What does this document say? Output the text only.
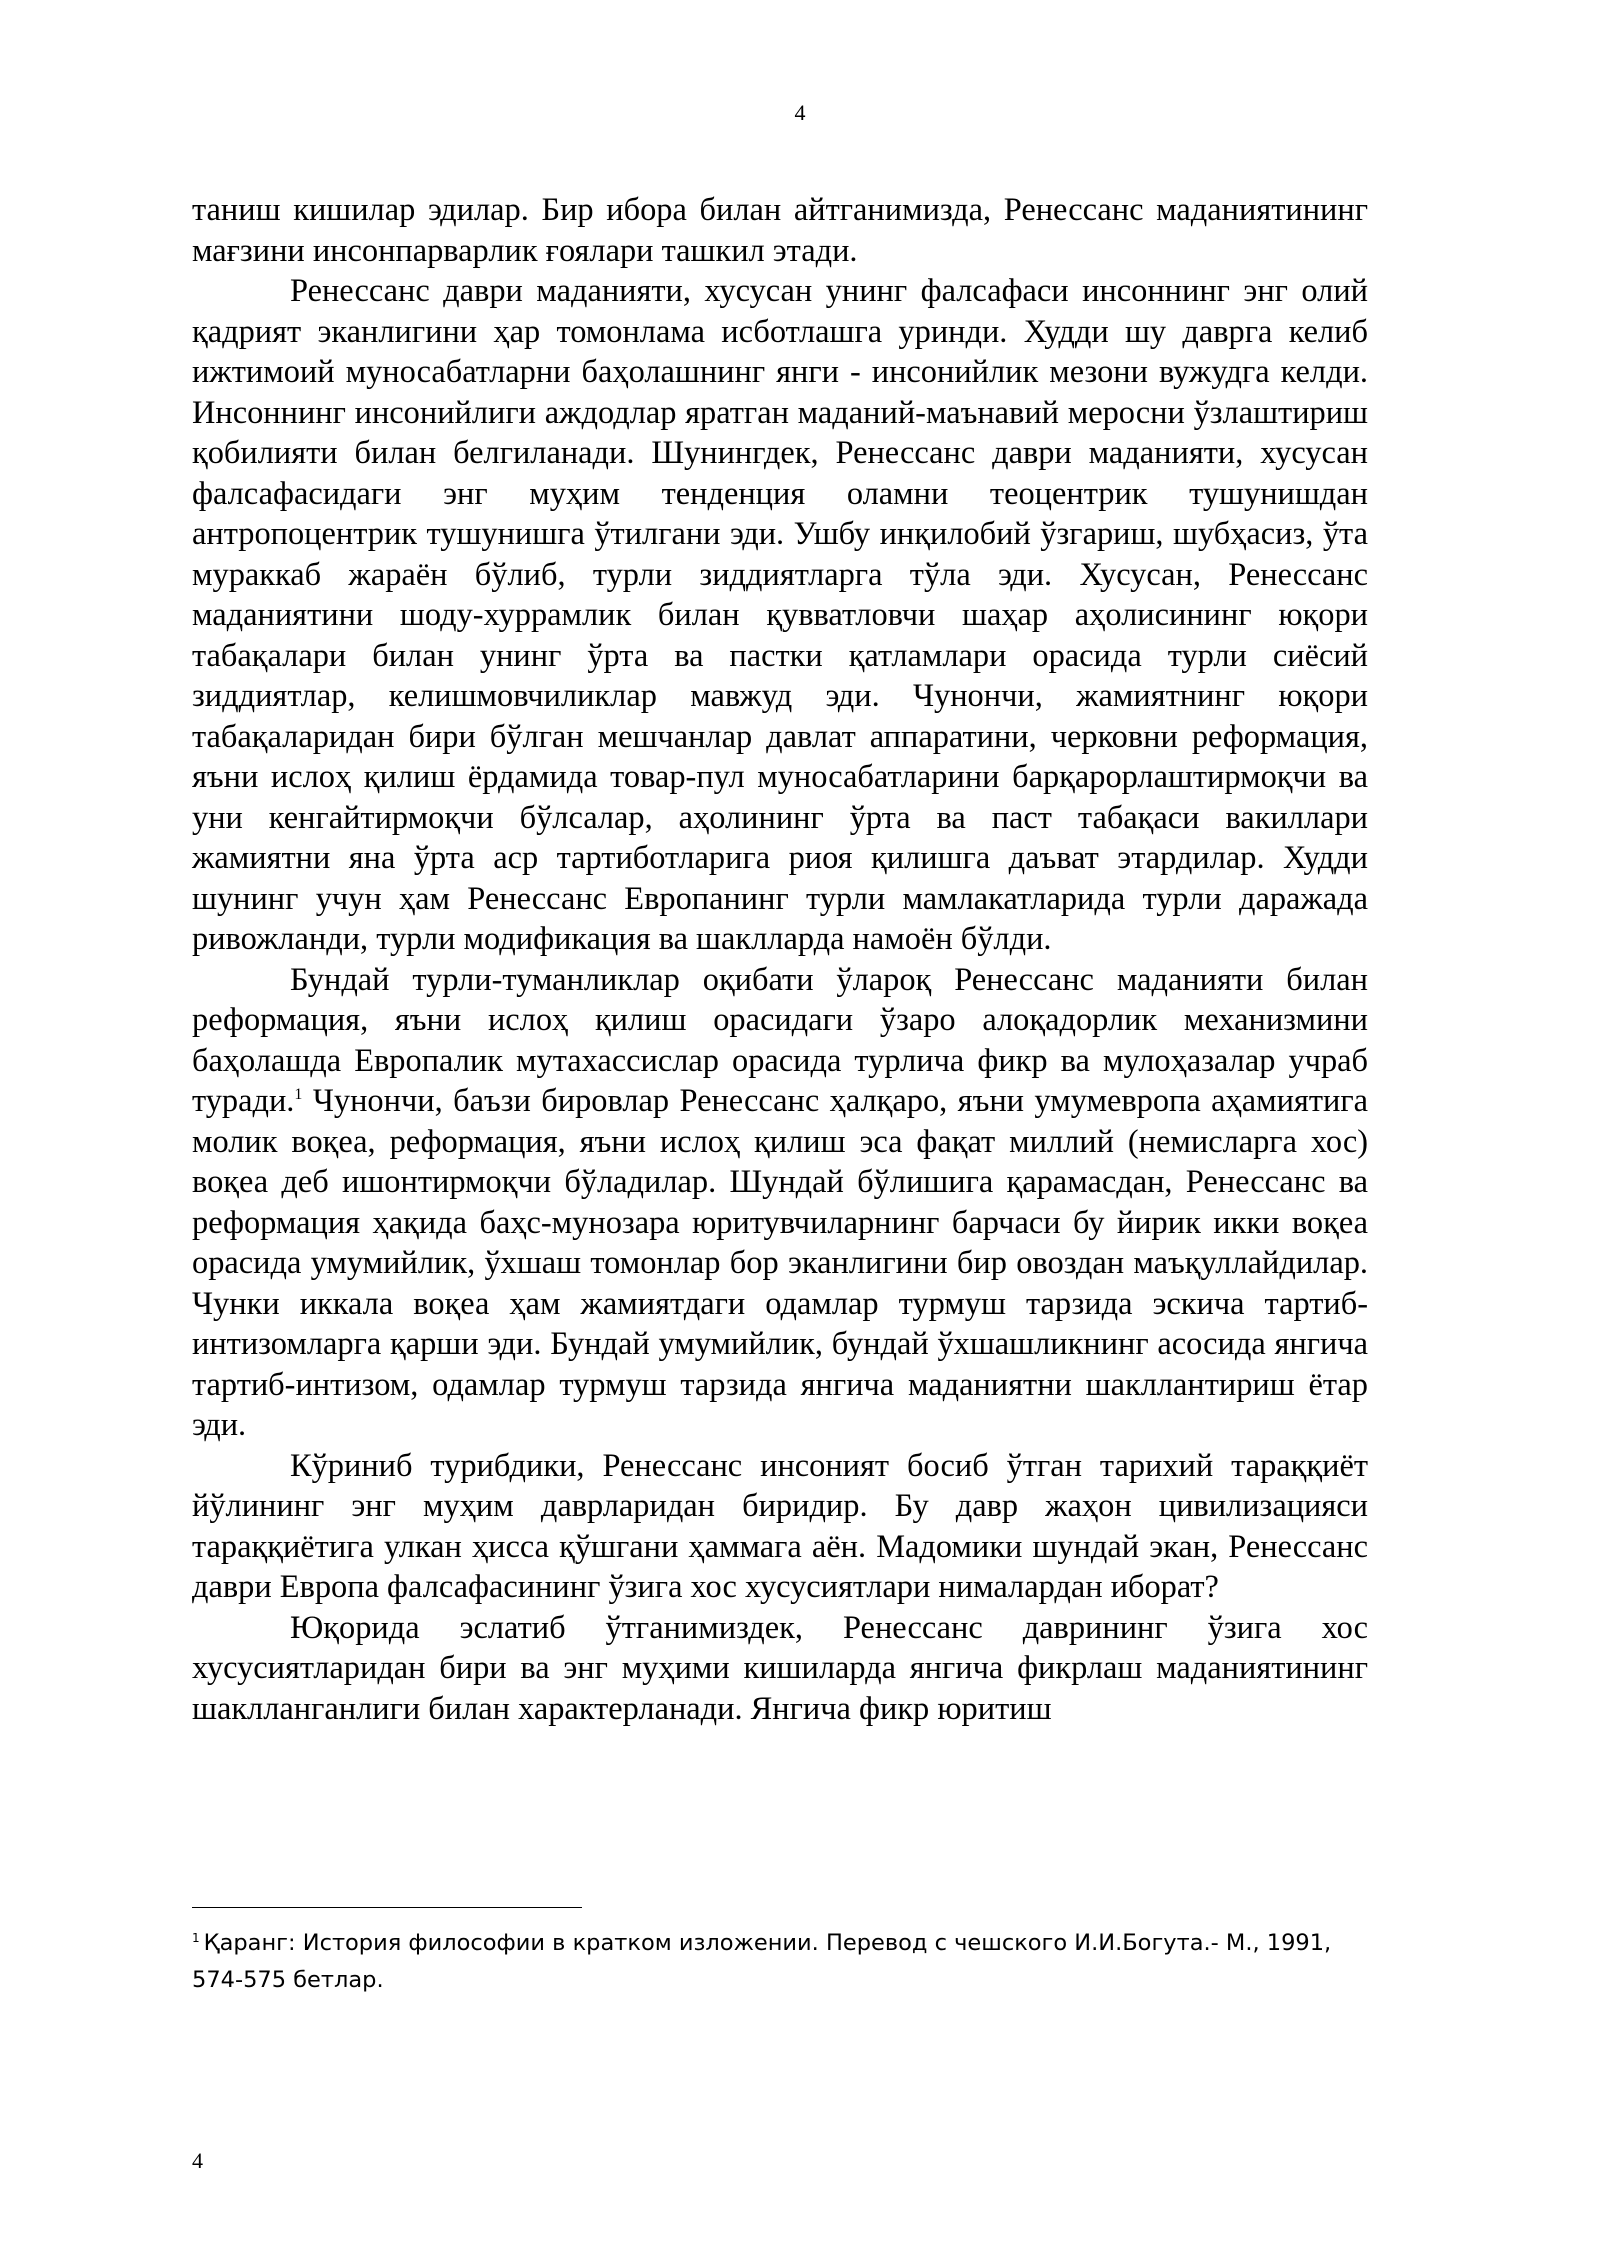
4

таниш кишилар эдилар. Бир ибора билан айтганимизда, Ренессанс маданиятининг мағзини инсонпарварлик ғоялари ташкил этади.

Ренессанс даври маданияти, хусусан унинг фалсафаси инсоннинг энг олий қадрият эканлигини ҳар томонлама исботлашга уринди. Худди шу даврга келиб ижтимоий муносабатларни баҳолашнинг янги - инсонийлик мезони вужудга келди. Инсоннинг инсонийлиги аждодлар яратган маданий-маънавий меросни ўзлаштириш қобилияти билан белгиланади. Шунингдек, Ренессанс даври маданияти, хусусан фалсафасидаги энг муҳим тенденция оламни теоцентрик тушунишдан антропоцентрик тушунишга ўтилгани эди. Ушбу инқилобий ўзгариш, шубҳасиз, ўта мураккаб жараён бўлиб, турли зиддиятларга тўла эди. Хусусан, Ренессанс маданиятини шоду-хуррамлик билан қувватловчи шаҳар аҳолисининг юқори табақалари билан унинг ўрта ва пастки қатламлари орасида турли сиёсий зиддиятлар, келишмовчиликлар мавжуд эди. Чунончи, жамиятнинг юқори табақаларидан бири бўлган мешчанлар давлат аппаратини, черковни реформация, яъни ислоҳ қилиш ёрдамида товар-пул муносабатларини барқарорлаштирмоқчи ва уни кенгайтирмоқчи бўлсалар, аҳолининг ўрта ва паст табақаси вакиллари жамиятни яна ўрта аср тартиботларига риоя қилишга даъват этардилар. Худди шунинг учун ҳам Ренессанс Европанинг турли мамлакатларида турли даражада ривожланди, турли модификация ва шаклларда намоён бўлди.

Бундай турли-туманликлар оқибати ўлароқ Ренессанс маданияти билан реформация, яъни ислоҳ қилиш орасидаги ўзаро алоқадорлик механизмини баҳолашда Европалик мутахассислар орасида турлича фикр ва мулоҳазалар учраб туради.$^1$ Чунончи, баъзи бировлар Ренессанс ҳалқаро, яъни умумевропа аҳамиятига молик воқеа, реформация, яъни ислоҳ қилиш эса фақат миллий (немисларга хос) воқеа деб ишонтирмоқчи бўладилар. Шундай бўлишига қарамасдан, Ренессанс ва реформация ҳақида баҳс-мунозара юритувчиларнинг барчаси бу йирик икки воқеа орасида умумийлик, ўхшаш томонлар бор эканлигини бир овоздан маъқуллайдилар. Чунки иккала воқеа ҳам жамиятдаги одамлар турмуш тарзида эскича тартиб-интизомларга қарши эди. Бундай умумийлик, бундай ўхшашликнинг асосида янгича тартиб-интизом, одамлар турмуш тарзида янгича маданиятни шакллантириш ётар эди.

Кўриниб турибдики, Ренессанс инсоният босиб ўтган тарихий тараққиёт йўлининг энг муҳим даврларидан биридир. Бу давр жаҳон цивилизацияси тараққиётига улкан ҳисса қўшгани ҳаммага аён. Мадомики шундай экан, Ренессанс даври Европа фалсафасининг ўзига хос хусусиятлари нималардан иборат?

Юқорида эслатиб ўтганимиздек, Ренессанс даврининг ўзига хос хусусиятларидан бири ва энг муҳими кишиларда янгича фикрлаш маданиятининг шаклланганлиги билан характерланади. Янгича фикр юритиш

$^1$ Қаранг: История философии в кратком изложении. Перевод с чешского И.И.Богута.- М., 1991, 574-575 бетлар.
4
